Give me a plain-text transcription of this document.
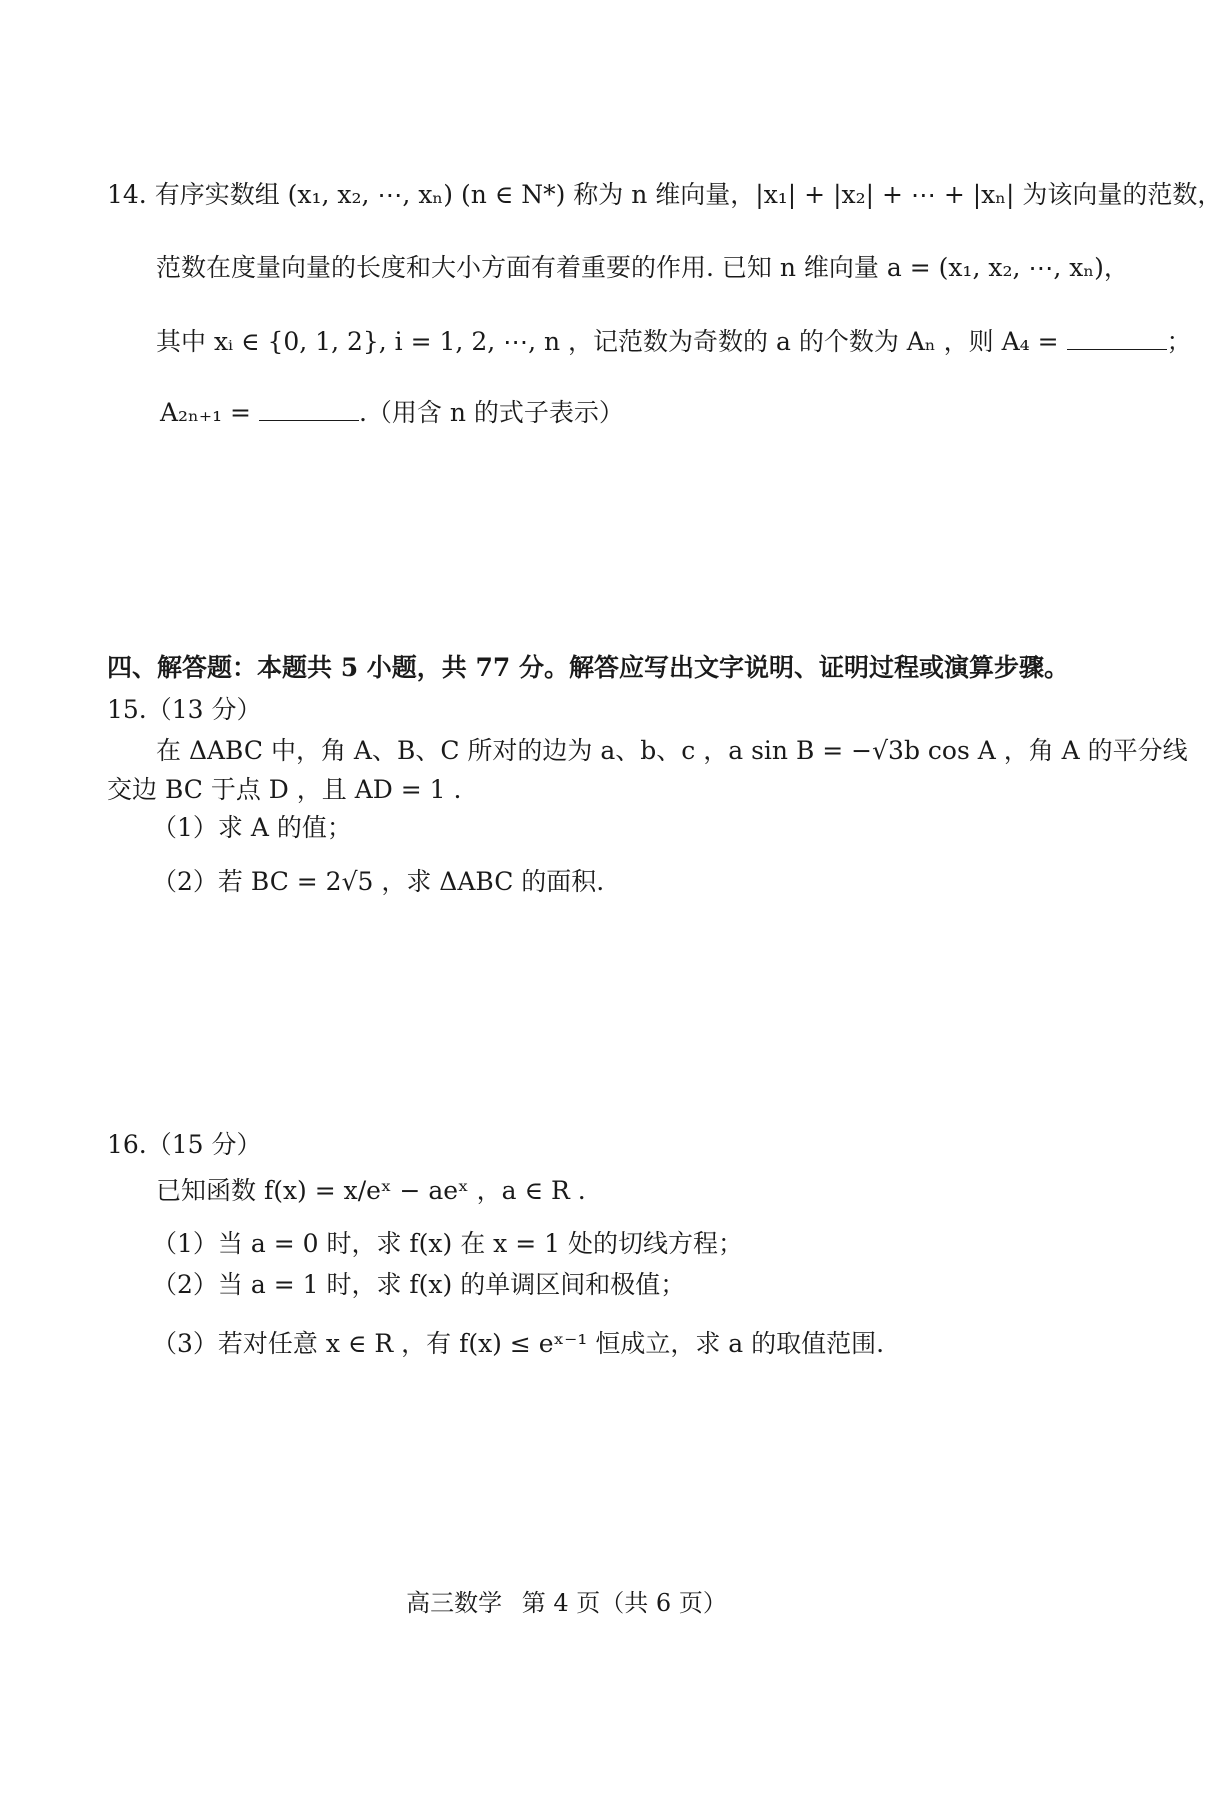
14. 有序实数组 (x₁, x₂, ⋯, xₙ) (n ∈ N*) 称为 n 维向量，|x₁| + |x₂| + ⋯ + |xₙ| 为该向量的范数，
范数在度量向量的长度和大小方面有着重要的作用. 已知 n 维向量 a = (x₁, x₂, ⋯, xₙ)，
其中 xᵢ ∈ {0, 1, 2}, i = 1, 2, ⋯, n ，记范数为奇数的 a 的个数为 Aₙ ，则 A₄ =	；
A₂ₙ₊₁ =	.（用含 n 的式子表示）
四、解答题：本题共 5 小题，共 77 分。解答应写出文字说明、证明过程或演算步骤。
15.（13 分）
在 ΔABC 中，角 A、B、C 所对的边为 a、b、c ，a sin B = −√3b cos A ，角 A 的平分线
交边 BC 于点 D ，且 AD = 1 .
（1）求 A 的值；
（2）若 BC = 2√5 ，求 ΔABC 的面积.
16.（15 分）
已知函数 f(x) = x/eˣ − aeˣ ，a ∈ R .
（1）当 a = 0 时，求 f(x) 在 x = 1 处的切线方程；
（2）当 a = 1 时，求 f(x) 的单调区间和极值；
（3）若对任意 x ∈ R ，有 f(x) ≤ eˣ⁻¹ 恒成立，求 a 的取值范围.
高三数学 第 4 页（共 6 页）
